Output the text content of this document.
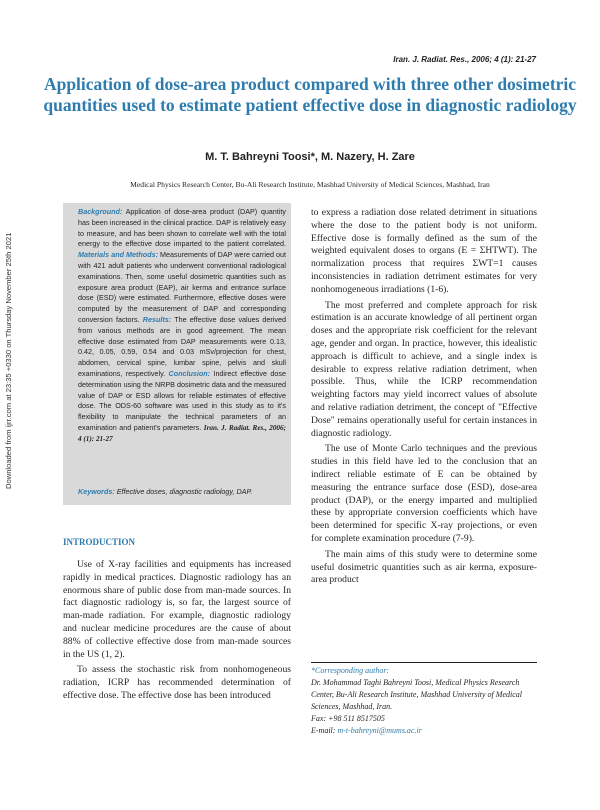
Iran. J. Radiat. Res., 2006; 4 (1): 21-27
Application of dose-area product compared with three other dosimetric quantities used to estimate patient effective dose in diagnostic radiology
M. T. Bahreyni Toosi*, M. Nazery, H. Zare
Medical Physics Research Center, Bu-Ali Research Institute, Mashhad University of Medical Sciences, Mashhad, Iran
Downloaded from ijrr.com at 23:35 +0330 on Thursday November 25th 2021
Background: Application of dose-area product (DAP) quantity has been increased in the clinical practice. DAP is relatively easy to measure, and has been shown to correlate well with the total energy to the effective dose imparted to the patient correlated. Materials and Methods: Measurements of DAP were carried out with 421 adult patients who underwent conventional radiological examinations. Then, some useful dosimetric quantities such as exposure area product (EAP), air kerma and entrance surface dose (ESD) were estimated. Furthermore, effective doses were computed by the measurement of DAP and corresponding conversion factors. Results: The effective dose values derived from various methods are in good agreement. The mean effective dose estimated from DAP measurements were 0.13, 0.42, 0.05, 0.59, 0.54 and 0.03 mSv/projection for chest, abdomen, cervical spine, lumbar spine, pelvis and skull examinations, respectively. Conclusion: Indirect effective dose determination using the NRPB dosimetric data and the measured value of DAP or ESD allows for reliable estimates of effective dose. The ODS-60 software was used in this study as to it's flexibility to manipulate the technical parameters of an examination and patient's parameters. Iran. J. Radiat. Res., 2006; 4 (1): 21-27
Keywords: Effective doses, diagnostic radiology, DAP.
INTRODUCTION

Use of X-ray facilities and equipments has increased rapidly in medical practices. Diagnostic radiology has an enormous share of public dose from man-made sources. In fact diagnostic radiology is, so far, the largest source of man-made radiation. For example, diagnostic radiology and nuclear medicine procedures are the cause of about 88% of collective effective dose from man-made sources in the US (1, 2).

To assess the stochastic risk from nonhomogeneous radiation, ICRP has recommended determination of effective dose. The effective dose has been introduced

to express a radiation dose related detriment in situations where the dose to the patient body is not uniform. Effective dose is formally defined as the sum of the weighted equivalent doses to organs (E = ΣHTWT). The normalization process that requires ΣWT=1 causes inconsistencies in radiation detriment estimates for very nonhomogeneous irradiations (1-6).

The most preferred and complete approach for risk estimation is an accurate knowledge of all pertinent organ doses and the appropriate risk coefficient for the relevant age, gender and organ. In practice, however, this idealistic approach is difficult to achieve, and a single index is desirable to express relative radiation detriment, when possible. Thus, while the ICRP recommendation weighting factors may yield incorrect values of absolute and relative radiation detriment, the concept of "Effective Dose" remains operationally useful for certain instances in diagnostic radiology.

The use of Monte Carlo techniques and the previous studies in this field have led to the conclusion that an indirect reliable estimate of E can be obtained by measuring the entrance surface dose (ESD), dose-area product (DAP), or the energy imparted and multiplied these by appropriate conversion coefficients which have been determined for specific X-ray projections, or even for complete examination procedure (7-9).

The main aims of this study were to determine some useful dosimetric quantities such as air kerma, exposure-area product

*Corresponding author:
Dr. Mohammad Taghi Bahreyni Toosi, Medical Physics Research Center, Bu-Ali Research Institute, Mashhad University of Medical Sciences, Mashhad, Iran.
Fax: +98 511 8517505
E-mail: m-t-bahreyni@mums.ac.ir
